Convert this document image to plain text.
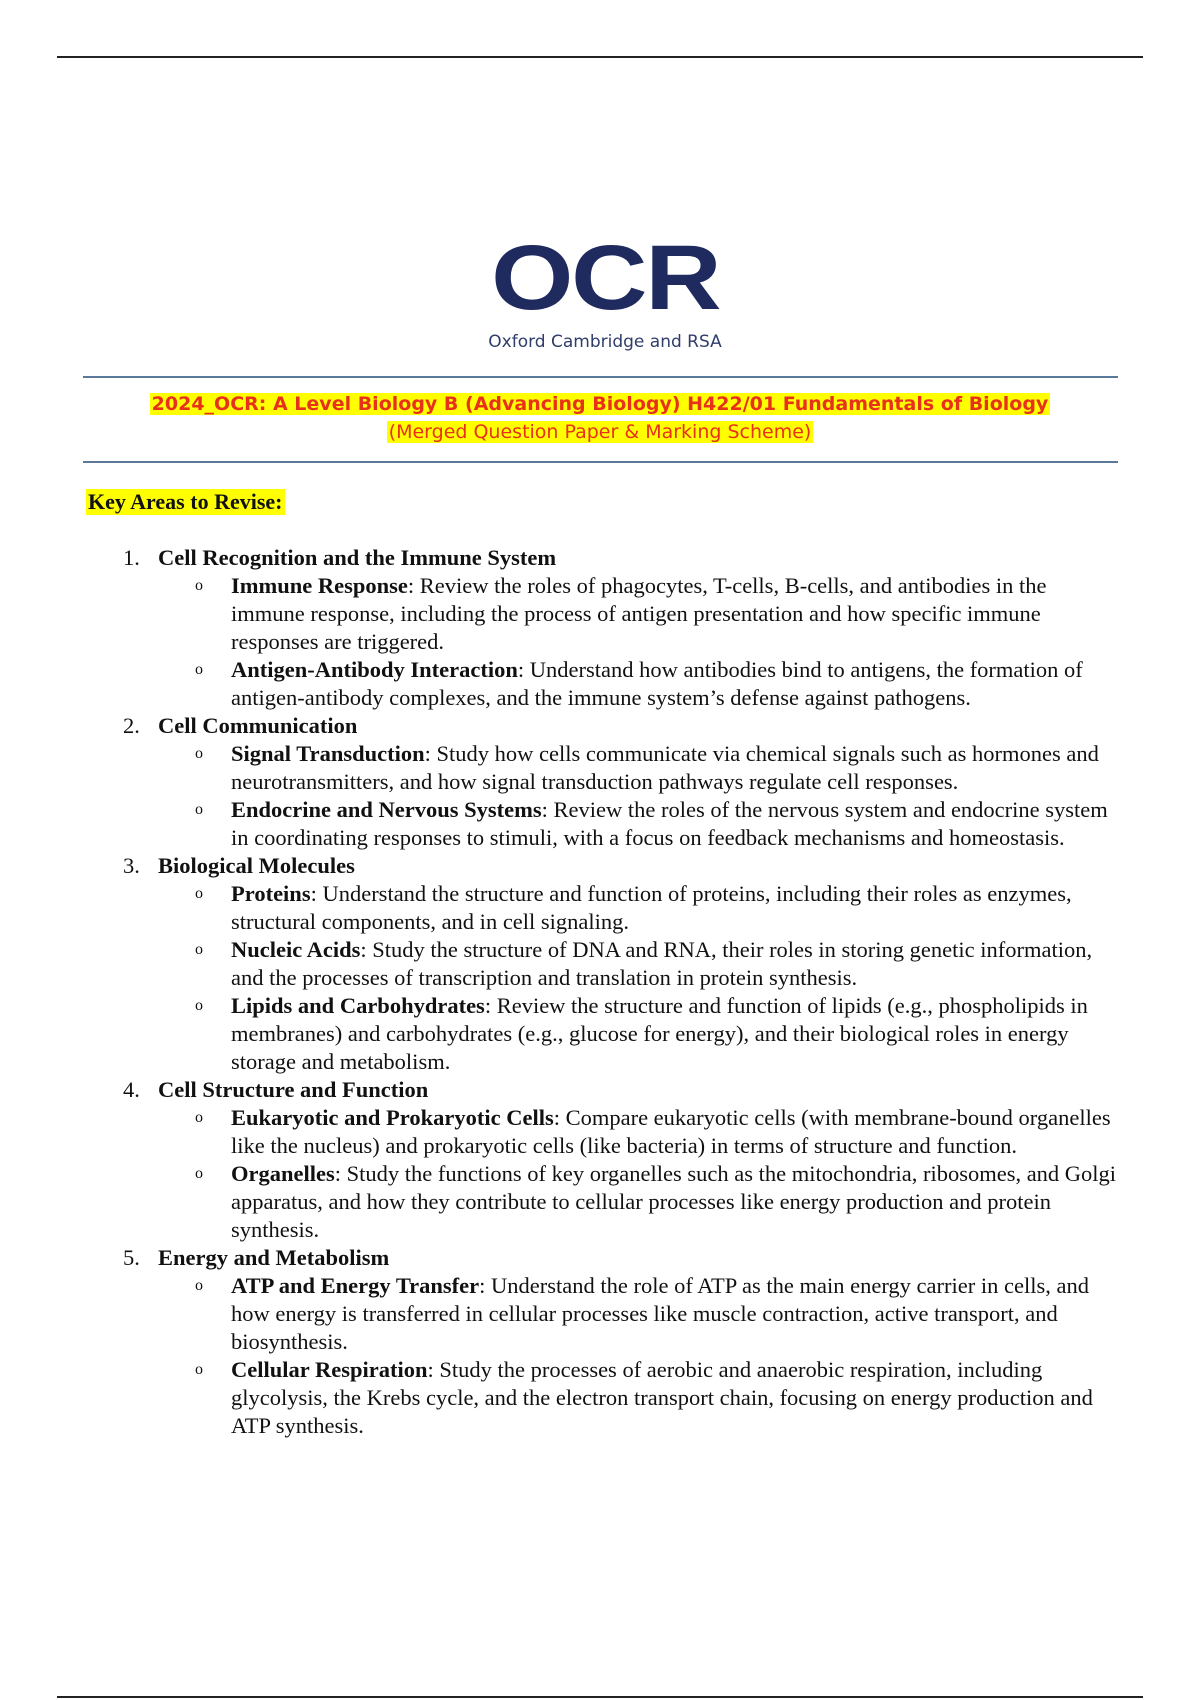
OCR
Oxford Cambridge and RSA
2024_OCR: A Level Biology B (Advancing Biology) H422/01 Fundamentals of Biology
(Merged Question Paper & Marking Scheme)
Key Areas to Revise:
1. Cell Recognition and the Immune System
o Immune Response: Review the roles of phagocytes, T-cells, B-cells, and antibodies in the immune response, including the process of antigen presentation and how specific immune responses are triggered.
o Antigen-Antibody Interaction: Understand how antibodies bind to antigens, the formation of antigen-antibody complexes, and the immune system’s defense against pathogens.
2. Cell Communication
o Signal Transduction: Study how cells communicate via chemical signals such as hormones and neurotransmitters, and how signal transduction pathways regulate cell responses.
o Endocrine and Nervous Systems: Review the roles of the nervous system and endocrine system in coordinating responses to stimuli, with a focus on feedback mechanisms and homeostasis.
3. Biological Molecules
o Proteins: Understand the structure and function of proteins, including their roles as enzymes, structural components, and in cell signaling.
o Nucleic Acids: Study the structure of DNA and RNA, their roles in storing genetic information, and the processes of transcription and translation in protein synthesis.
o Lipids and Carbohydrates: Review the structure and function of lipids (e.g., phospholipids in membranes) and carbohydrates (e.g., glucose for energy), and their biological roles in energy storage and metabolism.
4. Cell Structure and Function
o Eukaryotic and Prokaryotic Cells: Compare eukaryotic cells (with membrane-bound organelles like the nucleus) and prokaryotic cells (like bacteria) in terms of structure and function.
o Organelles: Study the functions of key organelles such as the mitochondria, ribosomes, and Golgi apparatus, and how they contribute to cellular processes like energy production and protein synthesis.
5. Energy and Metabolism
o ATP and Energy Transfer: Understand the role of ATP as the main energy carrier in cells, and how energy is transferred in cellular processes like muscle contraction, active transport, and biosynthesis.
o Cellular Respiration: Study the processes of aerobic and anaerobic respiration, including glycolysis, the Krebs cycle, and the electron transport chain, focusing on energy production and ATP synthesis.
